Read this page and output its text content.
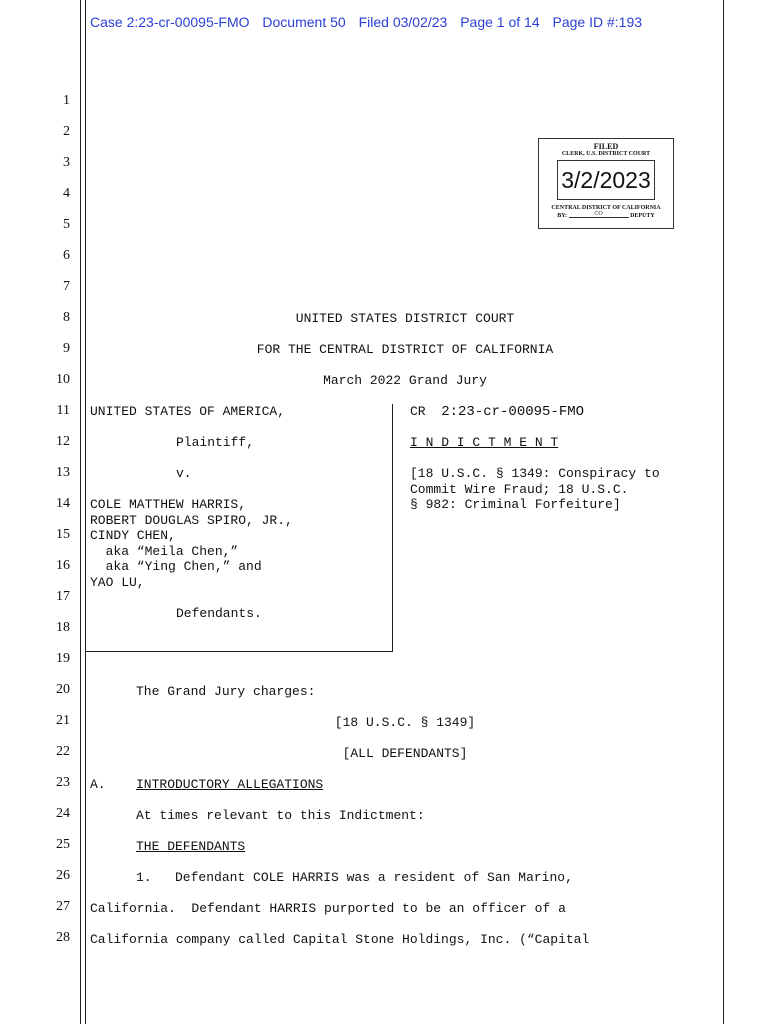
Case 2:23-cr-00095-FMO Document 50 Filed 03/02/23 Page 1 of 14 Page ID #:193
1
2
3
4
5
6
7
8
9
10
11
12
13
14
15
16
17
18
19
20
21
22
23
24
25
26
27
28
FILED
CLERK, U.S. DISTRICT COURT
3/2/2023
CENTRAL DISTRICT OF CALIFORNIA
BY:	CO	DEPUTY
UNITED STATES DISTRICT COURT
FOR THE CENTRAL DISTRICT OF CALIFORNIA
March 2022 Grand Jury
UNITED STATES OF AMERICA,
Plaintiff,
v.
COLE MATTHEW HARRIS,
ROBERT DOUGLAS SPIRO, JR.,
CINDY CHEN,
aka “Meila Chen,”
aka “Ying Chen,” and
YAO LU,
Defendants.
CR 2:23-cr-00095-FMO
I N D I C T M E N T
[18 U.S.C. § 1349: Conspiracy to
Commit Wire Fraud; 18 U.S.C.
§ 982: Criminal Forfeiture]
The Grand Jury charges:
[18 U.S.C. § 1349]
[ALL DEFENDANTS]
A. INTRODUCTORY ALLEGATIONS
At times relevant to this Indictment:
THE DEFENDANTS
1.   Defendant COLE HARRIS was a resident of San Marino,
California.  Defendant HARRIS purported to be an officer of a
California company called Capital Stone Holdings, Inc. (“Capital
